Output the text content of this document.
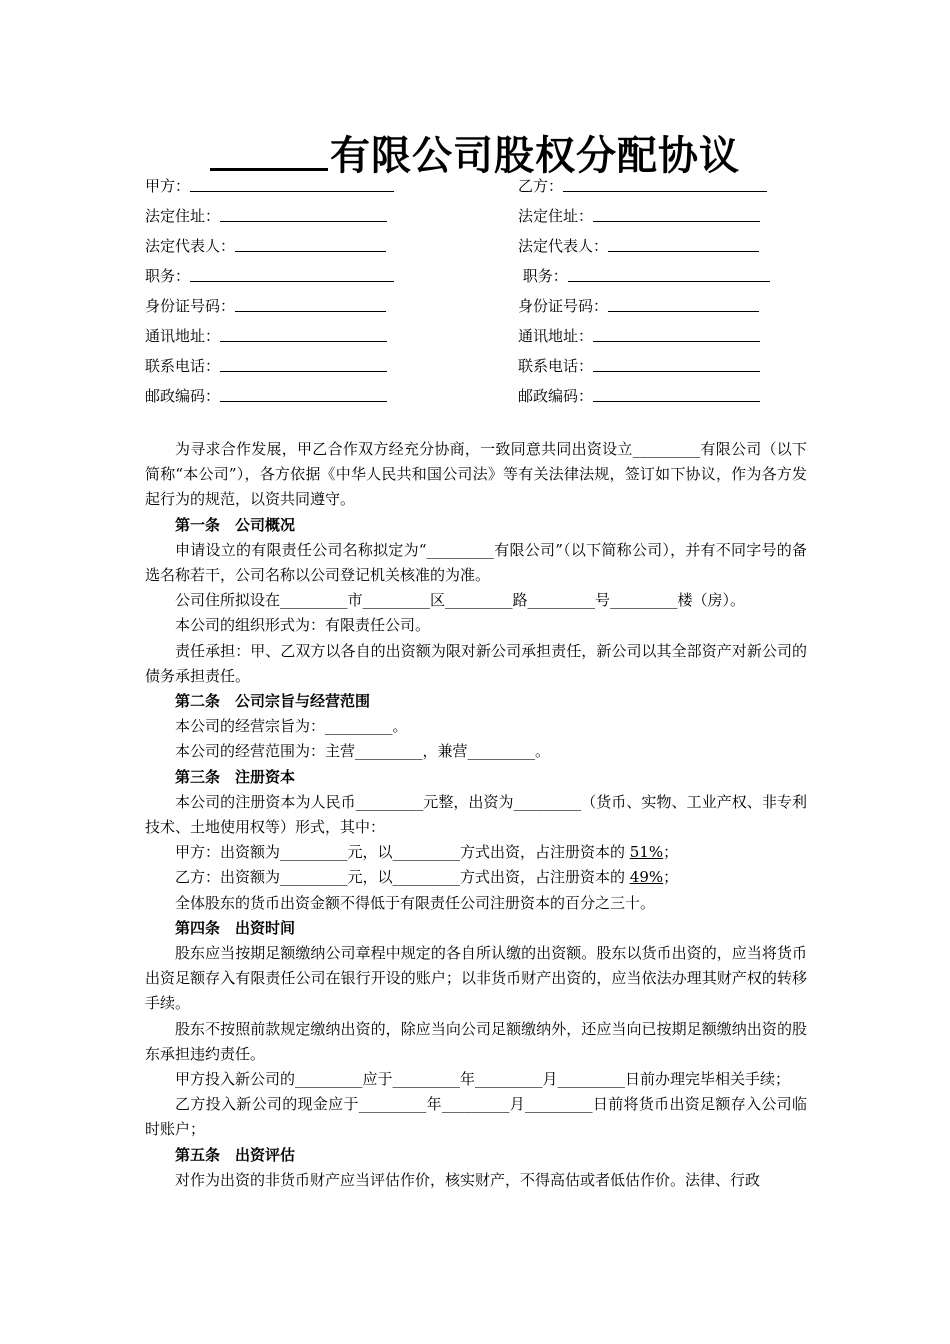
有限公司股权分配协议
甲方：
法定住址：
法定代表人：
职务：
身份证号码：
通讯地址：
联系电话：
邮政编码：
乙方：
法定住址：
法定代表人：
职务：
身份证号码：
通讯地址：
联系电话：
邮政编码：

为寻求合作发展，甲乙合作双方经充分协商，一致同意共同出资设立_________有限公司（以下简称“本公司”），各方依据《中华人民共和国公司法》等有关法律法规，签订如下协议，作为各方发起行为的规范，以资共同遵守。

第一条　公司概况

申请设立的有限责任公司名称拟定为“_________有限公司”（以下简称公司），并有不同字号的备选名称若干，公司名称以公司登记机关核准的为准。

公司住所拟设在_________市_________区_________路_________号_________楼（房）。

本公司的组织形式为：有限责任公司。

责任承担：甲、乙双方以各自的出资额为限对新公司承担责任，新公司以其全部资产对新公司的债务承担责任。

第二条　公司宗旨与经营范围

本公司的经营宗旨为：_________。

本公司的经营范围为：主营_________，兼营_________。

第三条　注册资本

本公司的注册资本为人民币_________元整，出资为_________（货币、实物、工业产权、非专利技术、土地使用权等）形式，其中：

甲方：出资额为_________元，以_________方式出资，占注册资本的 51%；

乙方：出资额为_________元，以_________方式出资，占注册资本的 49%；

全体股东的货币出资金额不得低于有限责任公司注册资本的百分之三十。

第四条　出资时间

股东应当按期足额缴纳公司章程中规定的各自所认缴的出资额。股东以货币出资的，应当将货币出资足额存入有限责任公司在银行开设的账户；以非货币财产出资的，应当依法办理其财产权的转移手续。

股东不按照前款规定缴纳出资的，除应当向公司足额缴纳外，还应当向已按期足额缴纳出资的股东承担违约责任。

甲方投入新公司的_________应于_________年_________月_________日前办理完毕相关手续；

乙方投入新公司的现金应于_________年_________月_________日前将货币出资足额存入公司临时账户；

第五条　出资评估

对作为出资的非货币财产应当评估作价，核实财产，不得高估或者低估作价。法律、行政
